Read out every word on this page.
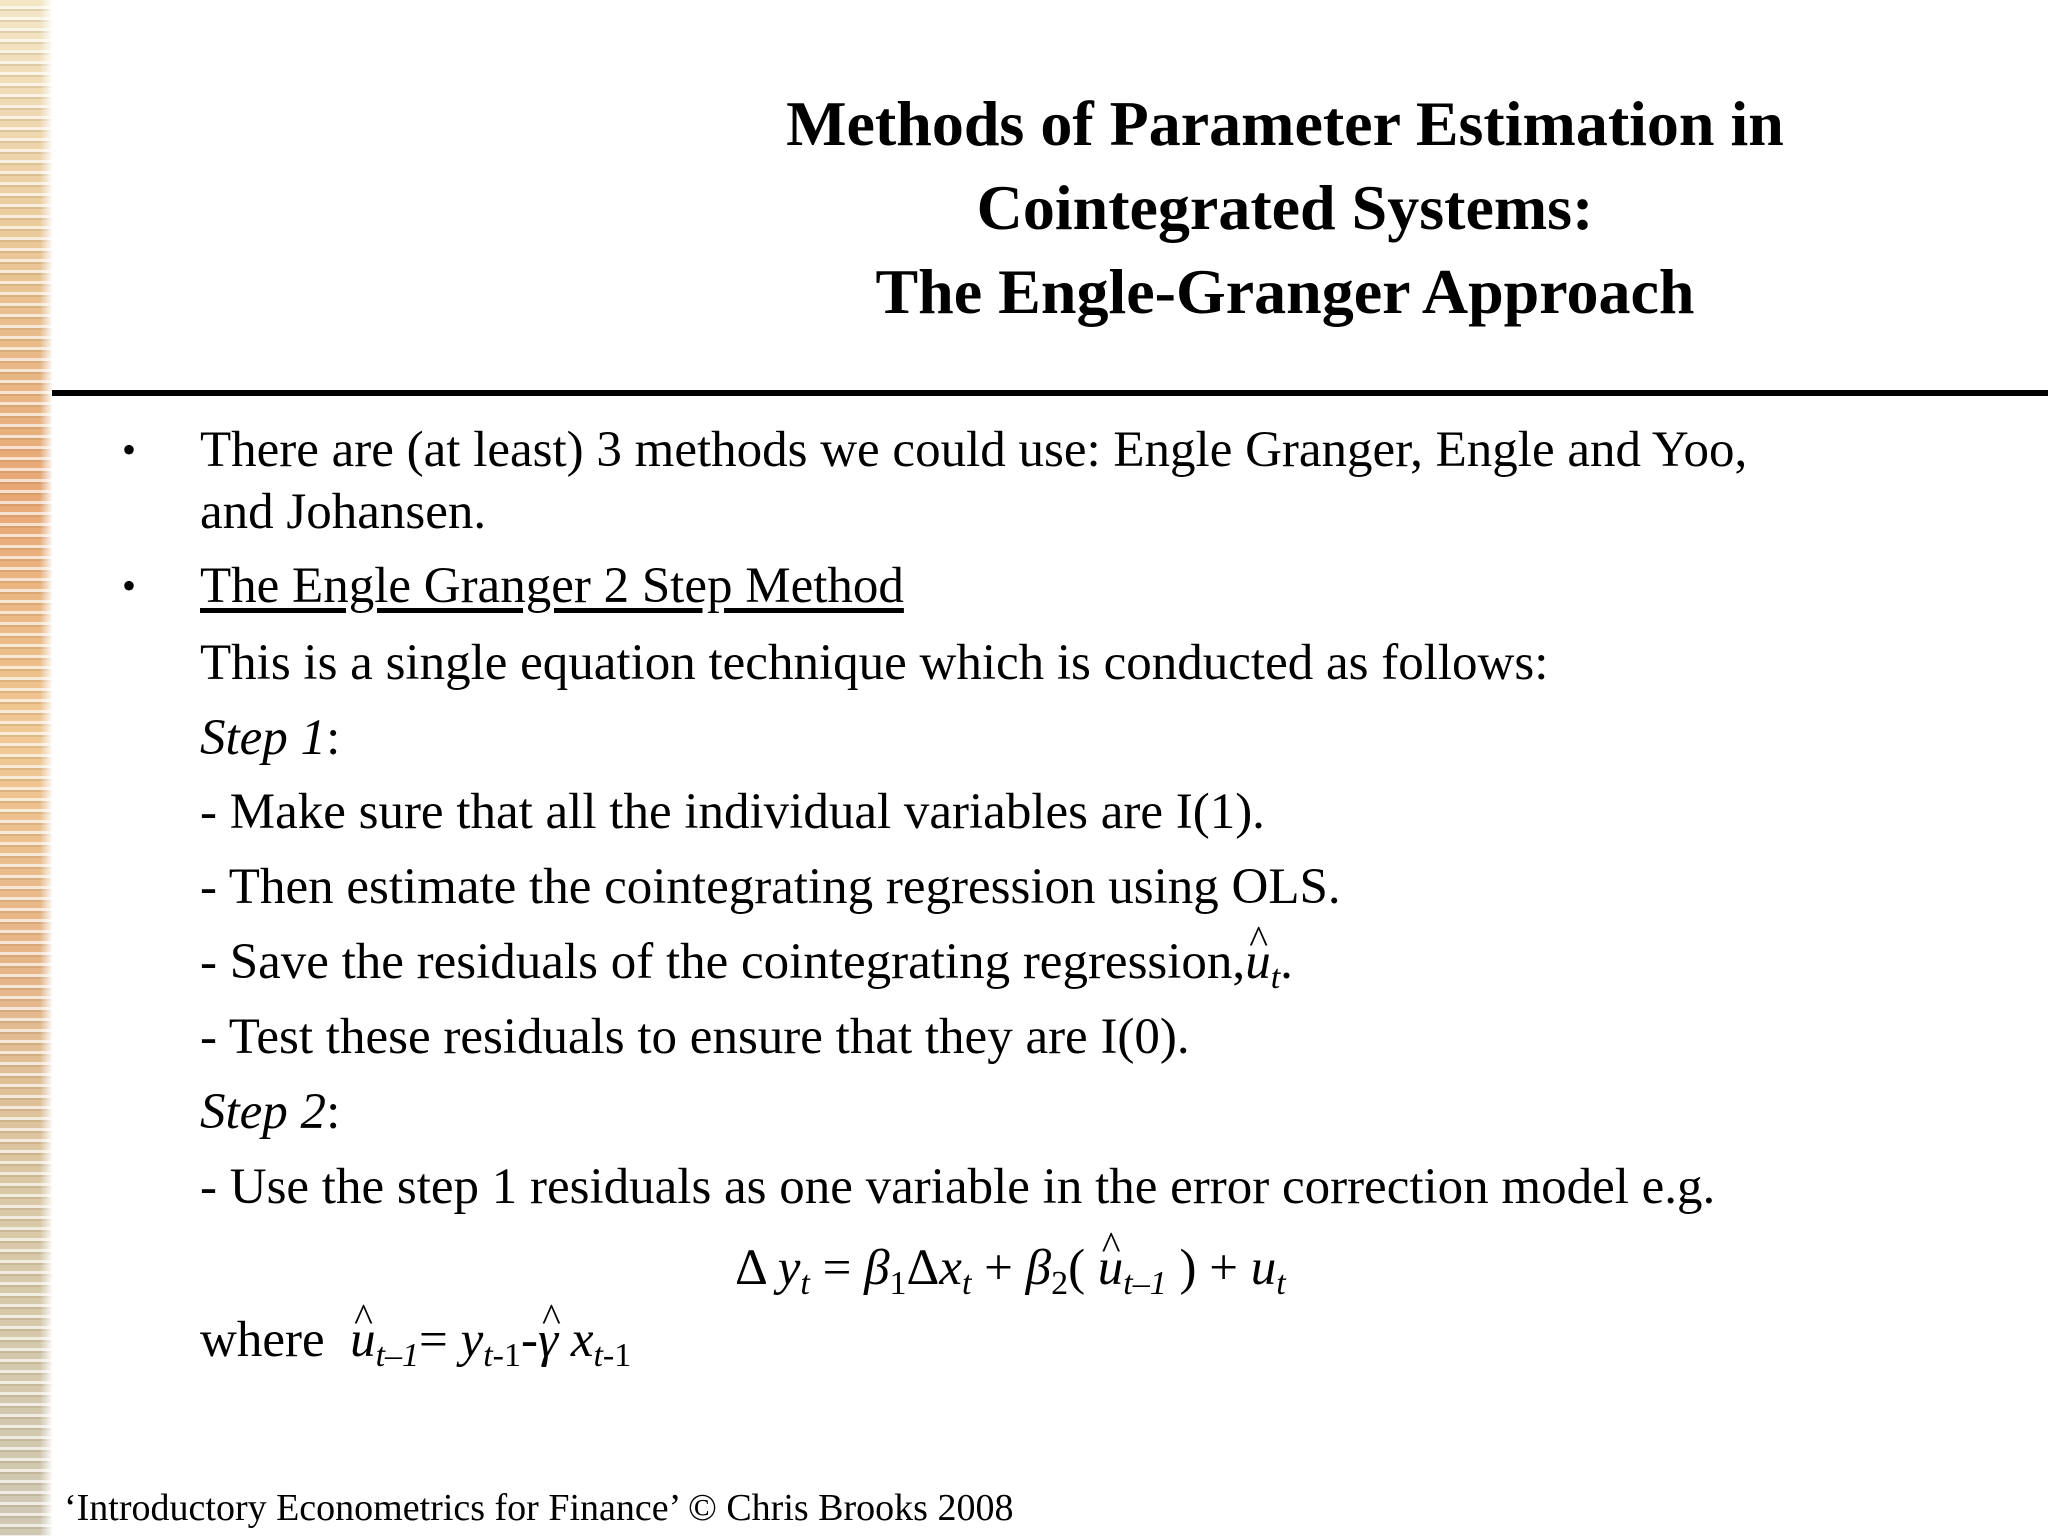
Methods of Parameter Estimation in
Cointegrated Systems:
The Engle-Granger Approach
• There are (at least) 3 methods we could use: Engle Granger, Engle and Yoo,
and Johansen.
• The Engle Granger 2 Step Method
This is a single equation technique which is conducted as follows:
Step 1:
- Make sure that all the individual variables are I(1).
- Then estimate the cointegrating regression using OLS.
- Save the residuals of the cointegrating regression,^ $u_t$.
- Test these residuals to ensure that they are I(0).
Step 2:
- Use the step 1 residuals as one variable in the error correction model e.g.
Δ $y_t = \beta_1\Delta x_t + \beta_2$( ^ $u_{t-1}$ ) + $u_t$
where  ^ $u_{t-1}=$ $y_{t-1}-\^{}$ γ $x_{t-1}$
‘Introductory Econometrics for Finance’ © Chris Brooks 2008
